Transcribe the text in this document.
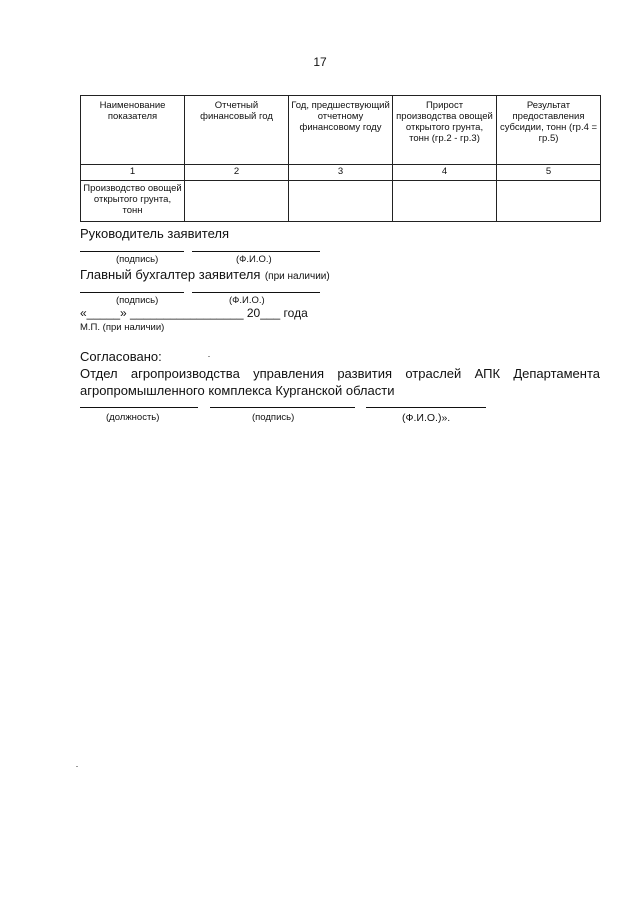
17
Наименование показателя	Отчетный финансовый год	Год, предшествующий отчетному финансовому году	Прирост производства овощей открытого грунта, тонн (гр.2 - гр.3)	Результат предоставления субсидии, тонн (гр.4 = гр.5)
1	2	3	4	5
Производство овощей открытого грунта, тонн				
Руководитель заявителя
(подпись)	(Ф.И.О.)
Главный бухгалтер заявителя (при наличии)
(подпись)	(Ф.И.О.)
«_____» _________________ 20___ года
М.П. (при наличии)
Согласовано:
Отдел агропроизводства управления развития отраслей АПК Департамента агропромышленного комплекса Курганской области
(должность)	(подпись)	(Ф.И.О.)».
